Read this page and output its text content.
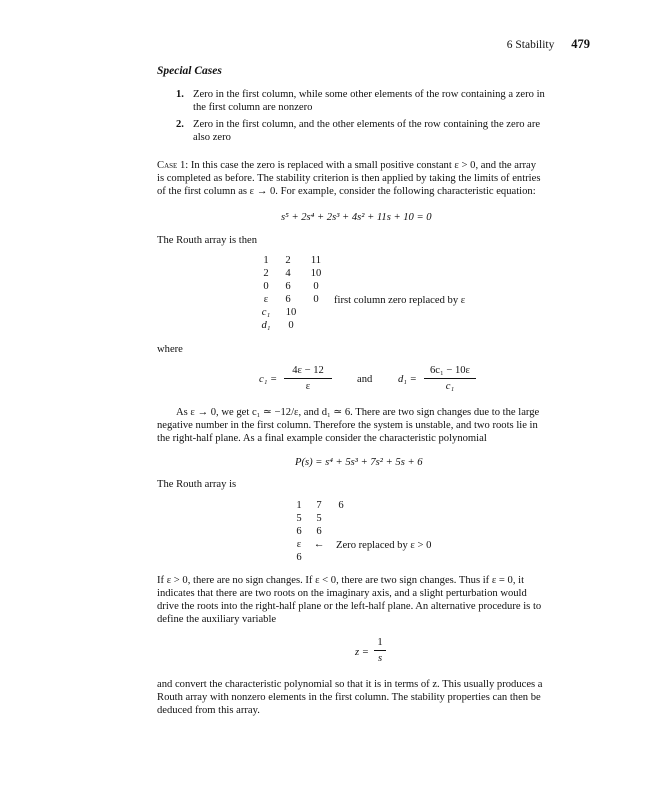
6 Stability 479
Special Cases
1. Zero in the first column, while some other elements of the row containing a zero in
the first column are nonzero
2. Zero in the first column, and the other elements of the row containing the zero are
also zero
Case 1: In this case the zero is replaced with a small positive constant ε > 0, and the array
is completed as before. The stability criterion is then applied by taking the limits of entries
of the first column as ε → 0. For example, consider the following characteristic equation:
s⁵ + 2s⁴ + 2s³ + 4s² + 11s + 10 = 0
The Routh array is then
1	2	11
2	4	10
0	6	0
ε	6	0	first column zero replaced by ε
c₁	10
d₁	0
where
c₁ =
4ε − 12
ε
and d₁ =
6c₁ − 10ε
c₁
As ε → 0, we get c₁ ≃ −12/ε, and d₁ ≃ 6. There are two sign changes due to the large
negative number in the first column. Therefore the system is unstable, and two roots lie in
the right-half plane. As a final example consider the characteristic polynomial
P(s) = s⁴ + 5s³ + 7s² + 5s + 6
The Routh array is
1	7	6
5	5
6	6
ε	← Zero replaced by ε > 0
6
If ε > 0, there are no sign changes. If ε < 0, there are two sign changes. Thus if ε = 0, it
indicates that there are two roots on the imaginary axis, and a slight perturbation would
drive the roots into the right-half plane or the left-half plane. An alternative procedure is to
define the auxiliary variable
z =
1
s
and convert the characteristic polynomial so that it is in terms of z. This usually produces a
Routh array with nonzero elements in the first column. The stability properties can then be
deduced from this array.
